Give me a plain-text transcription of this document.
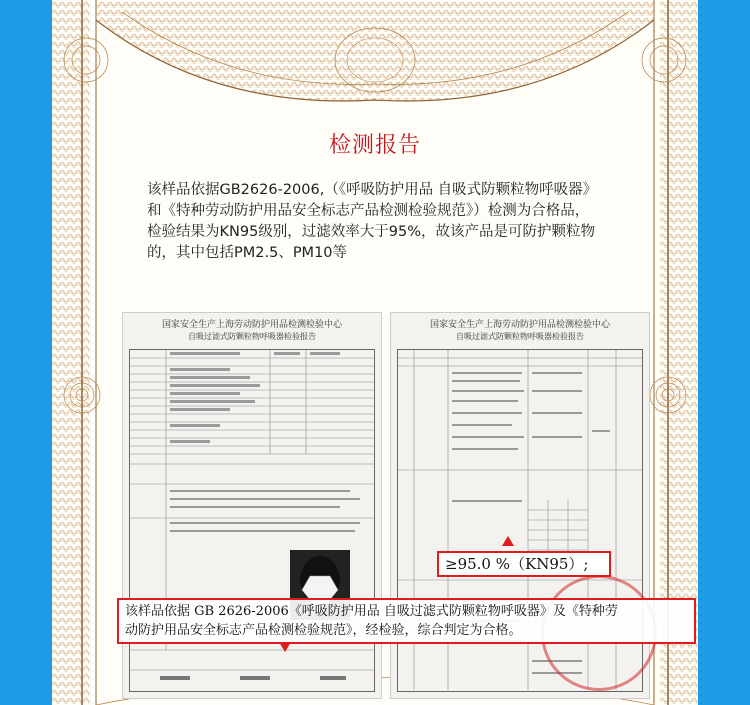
检测报告
该样品依据GB2626-2006,（《呼吸防护用品 自吸式防颗粒物呼吸器》
和《特种劳动防护用品安全标志产品检测检验规范》）检测为合格品，
检验结果为KN95级别，过滤效率大于95%，故该产品是可防护颗粒物
的，其中包括PM2.5、PM10等
国家安全生产上海劳动防护用品检测检验中心
自吸过滤式防颗粒物呼吸器检验报告
国家安全生产上海劳动防护用品检测检验中心
自吸过滤式防颗粒物呼吸器检验报告
≥95.0 %（KN95）;
该样品依据 GB 2626-2006《呼吸防护用品 自吸过滤式防颗粒物呼吸器》及《特种劳
动防护用品安全标志产品检测检验规范》，经检验，综合判定为合格。
